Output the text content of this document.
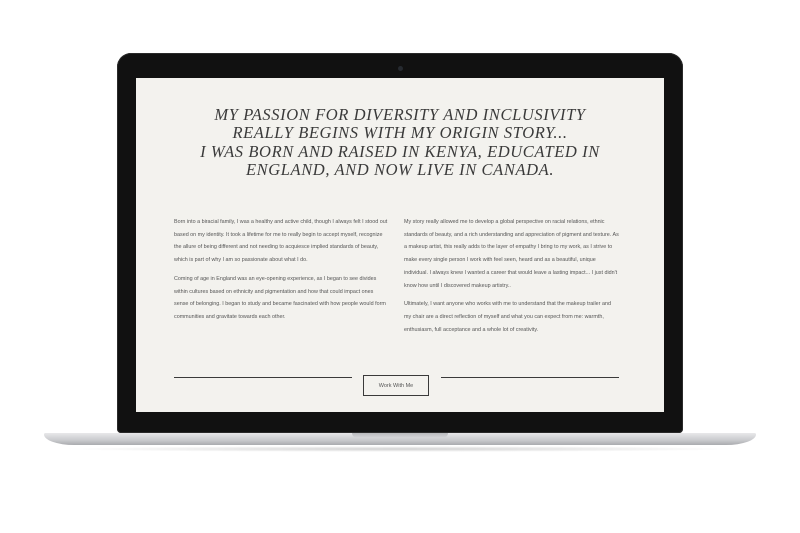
MY PASSION FOR DIVERSITY AND INCLUSIVITY
REALLY BEGINS WITH MY ORIGIN STORY...
I WAS BORN AND RAISED IN KENYA, EDUCATED IN
ENGLAND, AND NOW LIVE IN CANADA.

Born into a biracial family, I was a healthy and active child, though I always felt I stood out based on my identity. It took a lifetime for me to really begin to accept myself, recognize the allure of being different and not needing to acquiesce implied standards of beauty, which is part of why I am so passionate about what I do.

Coming of age in England was an eye-opening experience, as I began to see divides within cultures based on ethnicity and pigmentation and how that could impact ones sense of belonging. I began to study and became fascinated with how people would form communities and gravitate towards each other.

My story really allowed me to develop a global perspective on racial relations, ethnic standards of beauty, and a rich understanding and appreciation of pigment and texture. As a makeup artist, this really adds to the layer of empathy I bring to my work, as I strive to make every single person I work with feel seen, heard and as a beautiful, unique individual. I always knew I wanted a career that would leave a lasting impact... I just didn't know how until I discovered makeup artistry..

Ultimately, I want anyone who works with me to understand that the makeup trailer and my chair are a direct reflection of myself and what you can expect from me: warmth, enthusiasm, full acceptance and a whole lot of creativity.

Work With Me
